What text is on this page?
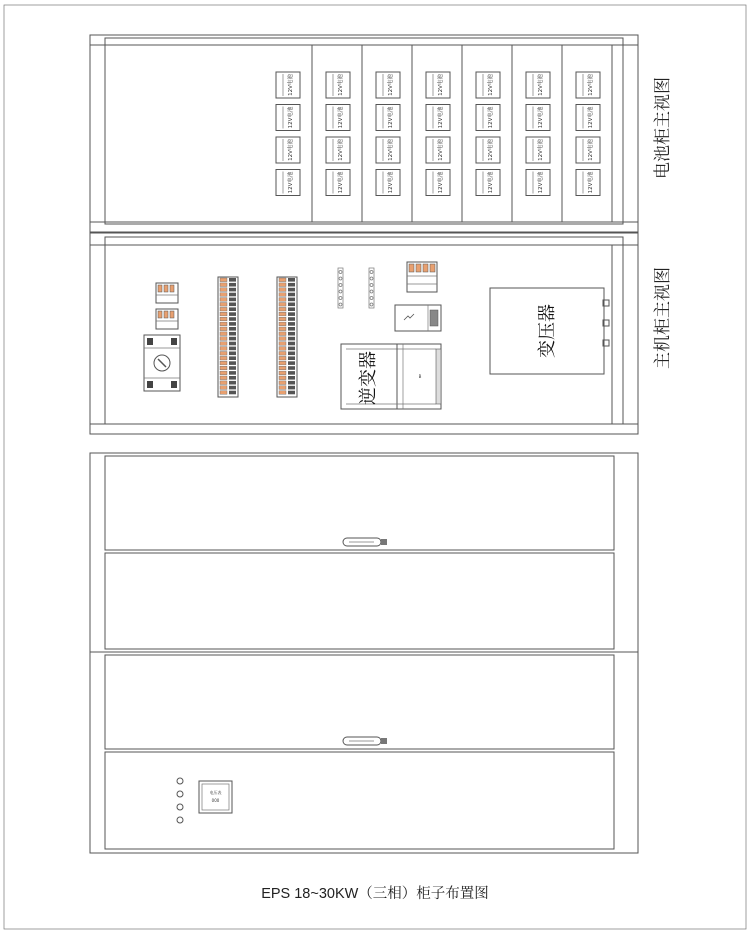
12V电池
12V电池
12V电池
12V电池
12V电池
12V电池
12V电池
12V电池
12V电池
12V电池
12V电池
12V电池
12V电池
12V电池
12V电池
12V电池
12V电池
12V电池
12V电池
12V电池
12V电池
12V电池
12V电池
12V电池
12V电池
12V电池
12V电池
12V电池
电池柜主视图
逆变器	B
变压器	主机柜主视图
电压表
000
EPS 18~30KW（三相）柜子布置图
